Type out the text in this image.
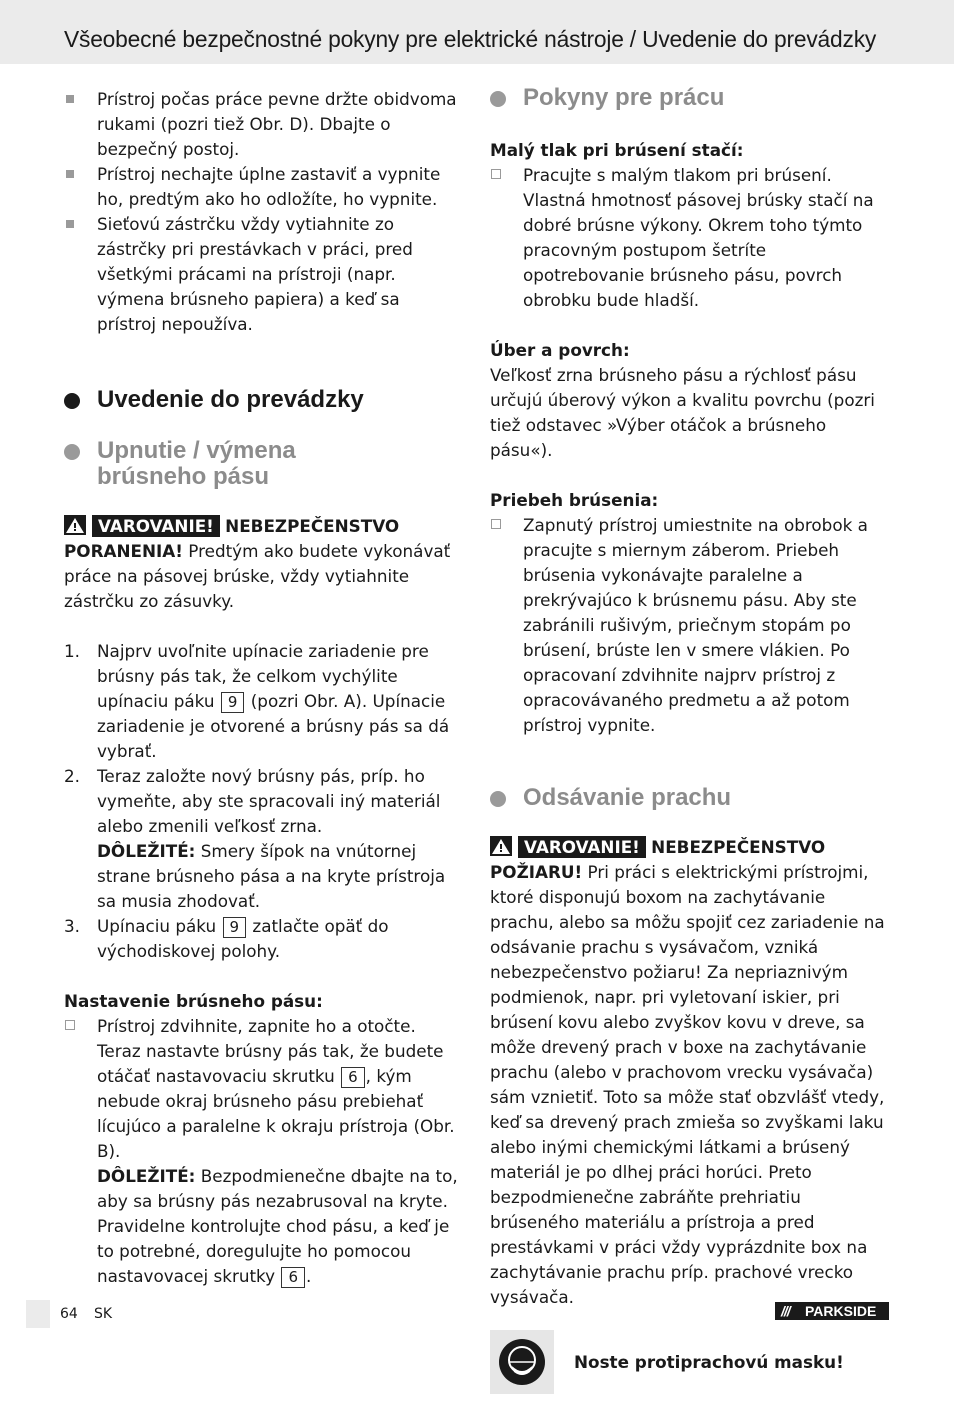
Všeobecné bezpečnostné pokyny pre elektrické nástroje / Uvedenie do prevádzky

Prístroj počas práce pevne držte obidvoma rukami (pozri tiež Obr. D). Dbajte o bezpečný postoj.

Prístroj nechajte úplne zastaviť a vypnite ho, predtým ako ho odložíte, ho vypnite.

Sieťovú zástrčku vždy vytiahnite zo zástrčky pri prestávkach v práci, pred všetkými prácami na prístroji (napr. výmena brúsneho papiera) a keď sa prístroj nepoužíva.

Uvedenie do prevádzky
Upnutie / výmena brúsneho pásu

VAROVANIE! NEBEZPEČENSTVO

PORANENIA! Predtým ako budete vykonávať práce na pásovej brúske, vždy vytiahnite zástrčku zo zásuvky.

1. Najprv uvoľnite upínacie zariadenie pre brúsny pás tak, že celkom vychýlite upínaciu páku 9 (pozri Obr. A). Upínacie zariadenie je otvorené a brúsny pás sa dá vybrať.

2. Teraz založte nový brúsny pás, príp. ho vymeňte, aby ste spracovali iný materiál alebo zmenili veľkosť zrna.

DÔLEŽITÉ: Smery šípok na vnútornej strane brúsneho pása a na kryte prístroja sa musia zhodovať.

3. Upínaciu páku 9 zatlačte opäť do východiskovej polohy.

Nastavenie brúsneho pásu:

Prístroj zdvihnite, zapnite ho a otočte. Teraz nastavte brúsny pás tak, že budete otáčať nastavovaciu skrutku 6 , kým nebude okraj brúsneho pásu prebiehať lícujúco a paralelne k okraju prístroja (Obr. B).

DÔLEŽITÉ: Bezpodmienečne dbajte na to, aby sa brúsny pás nezabrusoval na kryte. Pravidelne kontrolujte chod pásu, a keď je to potrebné, doregulujte ho pomocou nastavovacej skrutky 6 .

Pokyny pre prácu

Malý tlak pri brúsení stačí:

Pracujte s malým tlakom pri brúsení. Vlastná hmotnosť pásovej brúsky stačí na dobré brúsne výkony. Okrem toho týmto pracovným postupom šetríte opotrebovanie brúsneho pásu, povrch obrobku bude hladší.

Úber a povrch:

Veľkosť zrna brúsneho pásu a rýchlosť pásu určujú úberový výkon a kvalitu povrchu (pozri tiež odstavec »Výber otáčok a brúsneho pásu«).

Priebeh brúsenia:

Zapnutý prístroj umiestnite na obrobok a pracujte s miernym záberom. Priebeh brúsenia vykonávajte paralelne a prekrývajúco k brúsnemu pásu. Aby ste zabránili rušivým, priečnym stopám po brúsení, brúste len v smere vlákien. Po opracovaní zdvihnite najprv prístroj z opracovávaného predmetu a až potom prístroj vypnite.

Odsávanie prachu

VAROVANIE! NEBEZPEČENSTVO

POŽIARU! Pri práci s elektrickými prístrojmi, ktoré disponujú boxom na zachytávanie prachu, alebo sa môžu spojiť cez zariadenie na odsávanie prachu s vysávačom, vzniká nebezpečenstvo požiaru! Za nepriaznivým podmienok, napr. pri vyletovaní iskier, pri brúsení kovu alebo zvyškov kovu v dreve, sa môže drevený prach v boxe na zachytávanie prachu (alebo v prachovom vrecku vysávača) sám vznietiť. Toto sa môže stať obzvlášť vtedy, keď sa drevený prach zmieša so zvyškami laku alebo inými chemickými látkami a brúsený materiál je po dlhej práci horúci. Preto bezpodmienečne zabráňte prehriatiu brúseného materiálu a prístroja a pred prestávkami v práci vždy vyprázdnite box na zachytávanie prachu príp. prachové vrecko vysávača.

Noste protiprachovú masku!
64 SK	/// PARKSIDE
